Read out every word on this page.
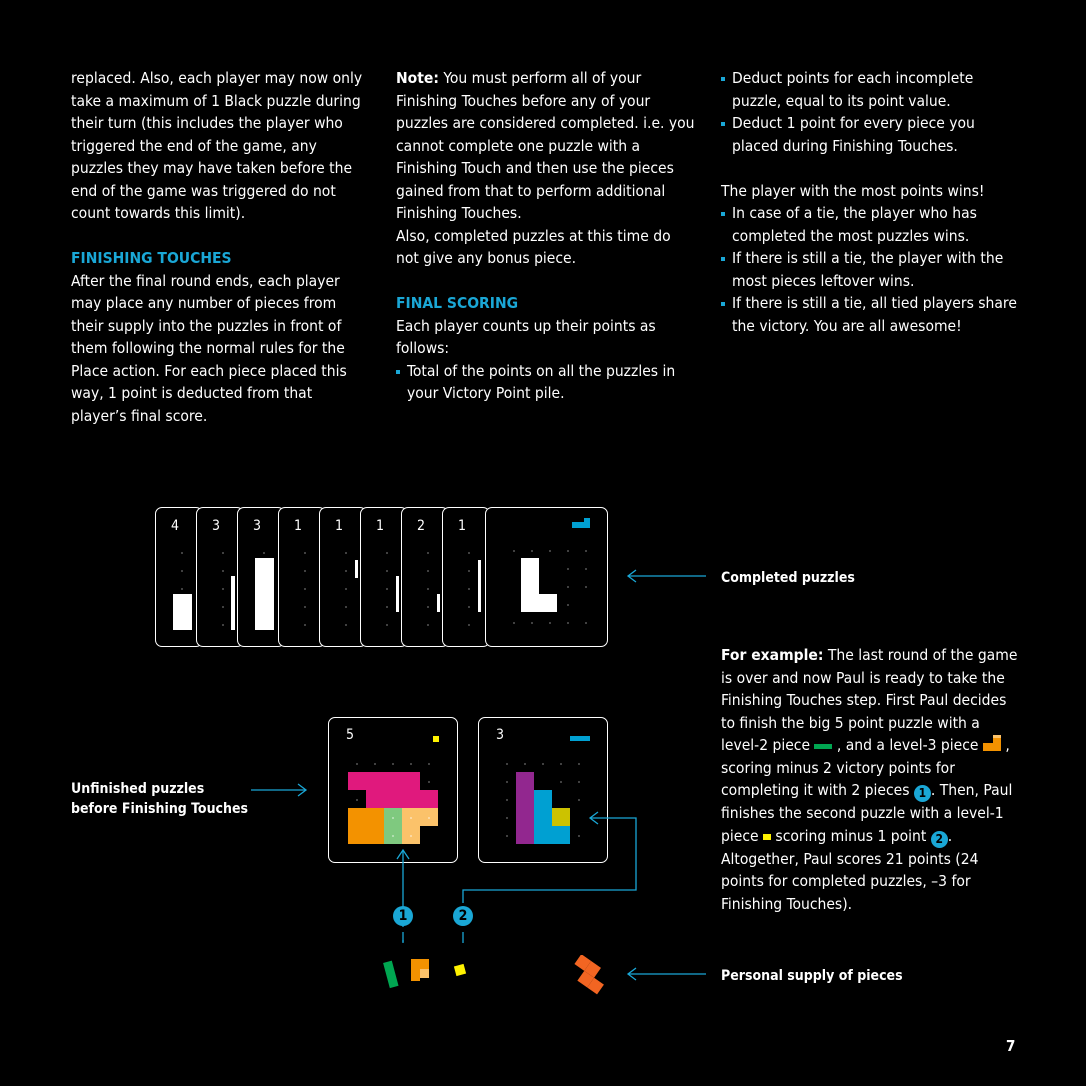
replaced. Also, each player may now only take a maximum of 1 Black puzzle during their turn (this includes the player who triggered the end of the game, any puzzles they may have taken before the end of the game was triggered do not count towards this limit).

FINISHING TOUCHES

After the final round ends, each player may place any number of pieces from their supply into the puzzles in front of them following the normal rules for the Place action. For each piece placed this way, 1 point is deducted from that player’s final score.

Note: You must perform all of your Finishing Touches before any of your puzzles are considered completed. i.e. you cannot complete one puzzle with a Finishing Touch and then use the pieces gained from that to perform additional Finishing Touches.

Also, completed puzzles at this time do not give any bonus piece.

FINAL SCORING

Each player counts up their points as follows:

Total of the points on all the puzzles in your Victory Point pile.

Deduct points for each incomplete puzzle, equal to its point value.

Deduct 1 point for every piece you placed during Finishing Touches.

The player with the most points wins!

In case of a tie, the player who has completed the most puzzles wins.

If there is still a tie, the player with the most pieces leftover wins.

If there is still a tie, all tied players share the victory. You are all awesome!

4 3 3 1 1 1 2 1
Completed puzzles
5	3
Unfinished puzzles before Finishing Touches
1	2
Personal supply of pieces

For example: The last round of the game is over and now Paul is ready to take the Finishing Touches step. First Paul decides to finish the big 5 point puzzle with a level-2 piece  , and a level-3 piece  , scoring minus 2 victory points for completing it with 2 pieces 1 . Then, Paul finishes the second puzzle with a level-1 piece  scoring minus 1 point 2 . Altogether, Paul scores 21 points (24 points for completed puzzles, –3 for Finishing Touches).

7
